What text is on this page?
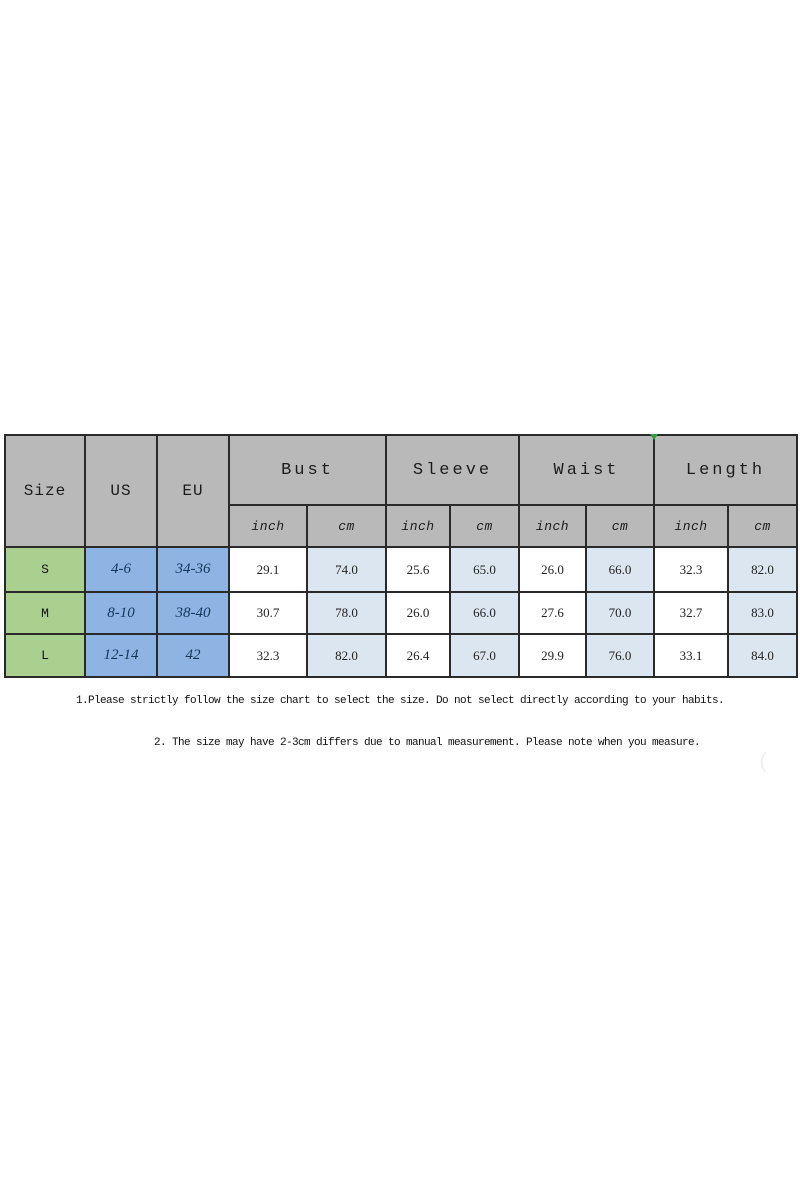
Size	US	EU	Bust		Sleeve		Waist		Length	
			inch	cm	inch	cm	inch	cm	inch	cm
S	4-6	34-36	29.1	74.0	25.6	65.0	26.0	66.0	32.3	82.0
M	8-10	38-40	30.7	78.0	26.0	66.0	27.6	70.0	32.7	83.0
L	12-14	42	32.3	82.0	26.4	67.0	29.9	76.0	33.1	84.0
1.Please strictly follow the size chart to select the size. Do not select directly according to your habits.
2. The size may have 2-3cm differs due to manual measurement. Please note when you measure.
(
